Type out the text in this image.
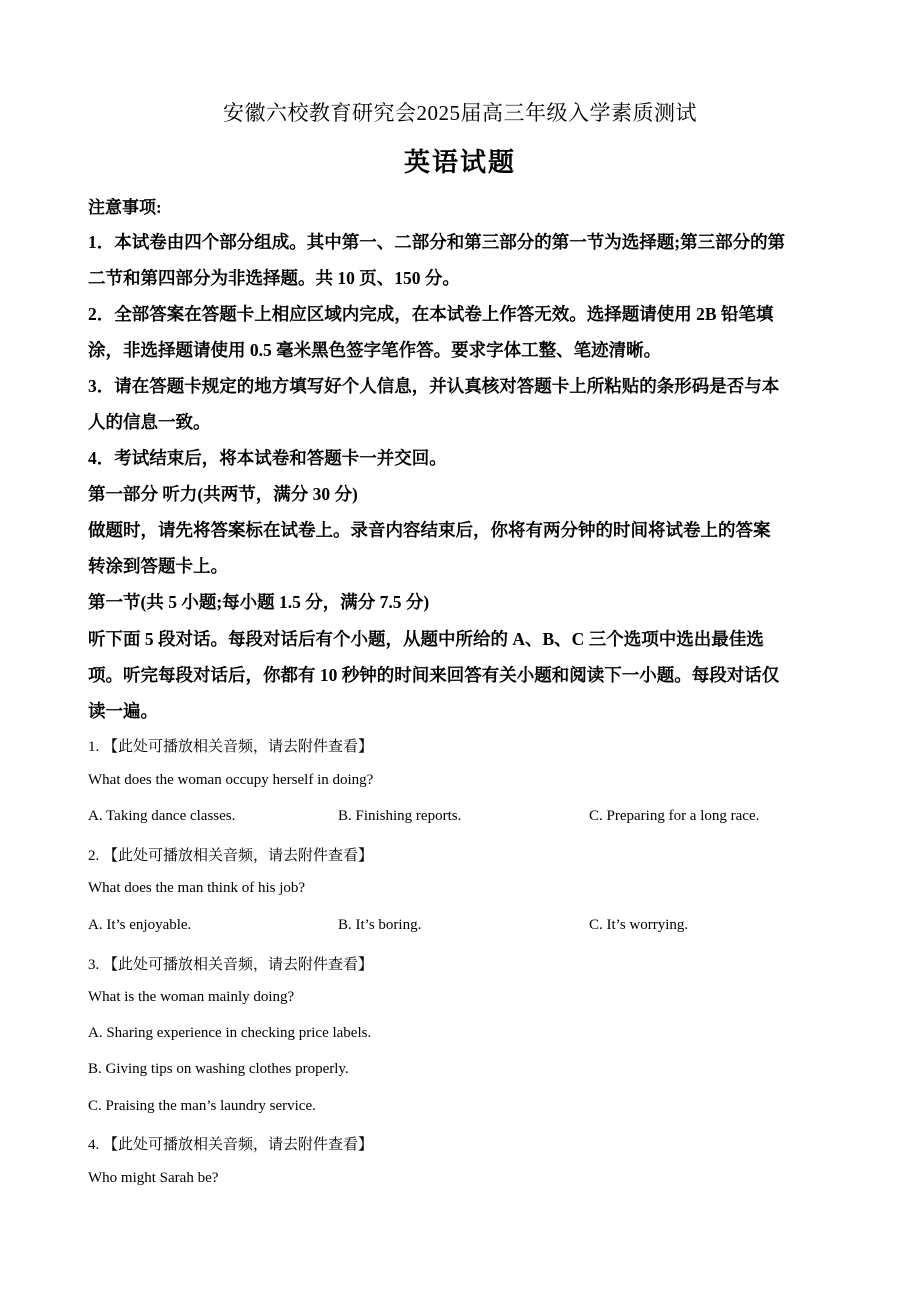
安徽六校教育研究会2025届高三年级入学素质测试
英语试题
注意事项:
1．本试卷由四个部分组成。其中第一、二部分和第三部分的第一节为选择题;第三部分的第
二节和第四部分为非选择题。共 10 页、150 分。
2．全部答案在答题卡上相应区域内完成，在本试卷上作答无效。选择题请使用 2B 铅笔填
涂，非选择题请使用 0.5 毫米黑色签字笔作答。要求字体工整、笔迹清晰。
3．请在答题卡规定的地方填写好个人信息，并认真核对答题卡上所粘贴的条形码是否与本
人的信息一致。
4．考试结束后，将本试卷和答题卡一并交回。
第一部分 听力(共两节，满分 30 分)
做题时，请先将答案标在试卷上。录音内容结束后，你将有两分钟的时间将试卷上的答案
转涂到答题卡上。
第一节(共 5 小题;每小题 1.5 分，满分 7.5 分)
听下面 5 段对话。每段对话后有个小题，从题中所给的 A、B、C 三个选项中选出最佳选
项。听完每段对话后，你都有 10 秒钟的时间来回答有关小题和阅读下一小题。每段对话仅
读一遍。
1. 【此处可播放相关音频，请去附件查看】
What does the woman occupy herself in doing?
A. Taking dance classes.	B. Finishing reports.	C. Preparing for a long race.
2. 【此处可播放相关音频，请去附件查看】
What does the man think of his job?
A. It’s enjoyable.	B. It’s boring.	C. It’s worrying.
3. 【此处可播放相关音频，请去附件查看】
What is the woman mainly doing?
A. Sharing experience in checking price labels.
B. Giving tips on washing clothes properly.
C. Praising the man’s laundry service.
4. 【此处可播放相关音频，请去附件查看】
Who might Sarah be?
